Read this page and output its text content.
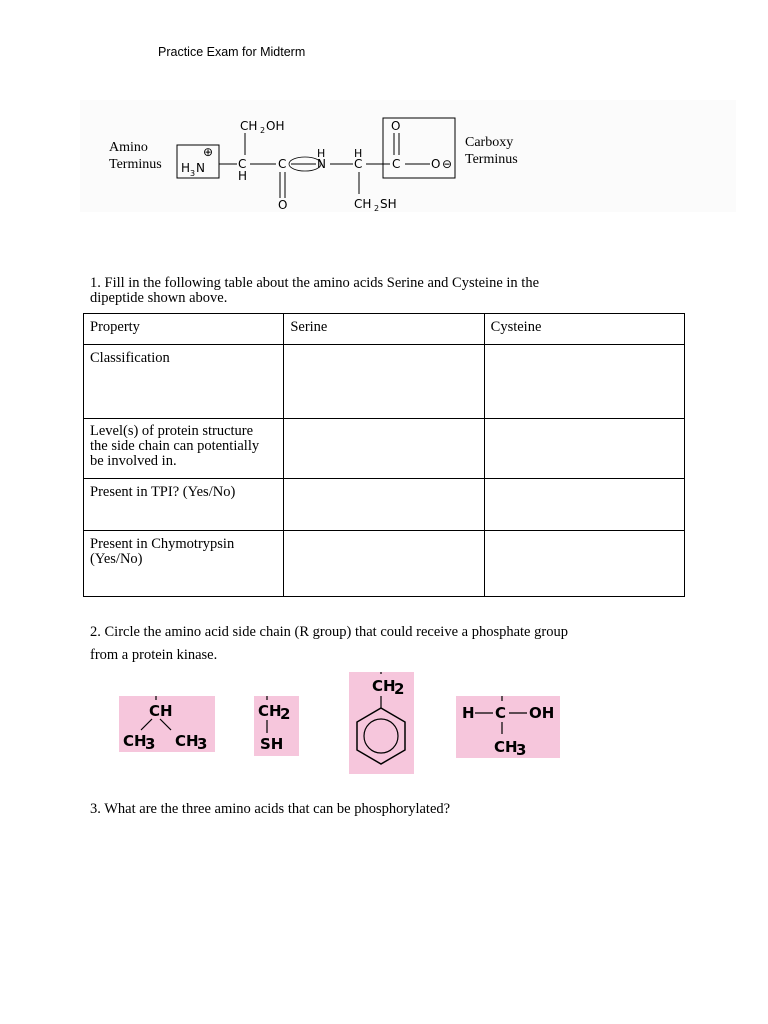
Practice Exam for Midterm
Amino
Terminus
⊕
H 3 N	C
H
CH 2 OH
C
O
H
N
H
C
CH 2 SH
C
O
O ⊖
Carboxy
Terminus
1. Fill in the following table about the amino acids Serine and Cysteine in the
dipeptide shown above.
Property	Serine	Cysteine
Classification		

Level(s) of protein structure
the side chain can potentially
be involved in.		

Present in TPI? (Yes/No)		

Present in Chymotrypsin
(Yes/No)		

2. Circle the amino acid side chain (R group) that could receive a phosphate group
from a protein kinase.
CH
CH
3 CH
3
CH
2
SH
CH
2
H C OH
CH
3
3. What are the three amino acids that can be phosphorylated?
